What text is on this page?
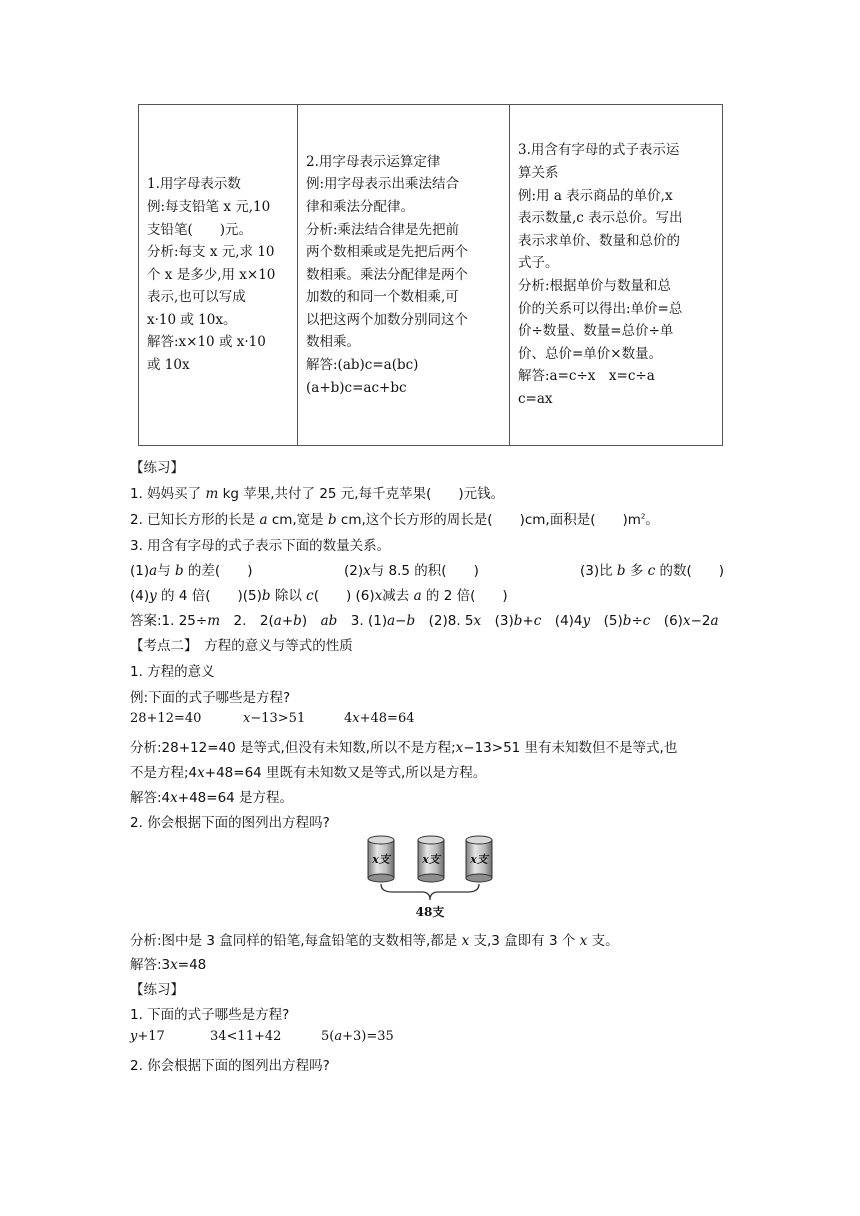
1.用字母表示数
例:每支铅笔 x 元,10
支铅笔(　　)元。
分析:每支 x 元,求 10
个 x 是多少,用 x×10
表示,也可以写成
x·10 或 10x。
解答:x×10 或 x·10
或 10x

2.用字母表示运算定律
例:用字母表示出乘法结合
律和乘法分配律。
分析:乘法结合律是先把前
两个数相乘或是先把后两个
数相乘。乘法分配律是两个
加数的和同一个数相乘,可
以把这两个加数分别同这个
数相乘。
解答:(ab)c=a(bc)
(a+b)c=ac+bc

3.用含有字母的式子表示运
算关系
例:用 a 表示商品的单价,x
表示数量,c 表示总价。写出
表示求单价、数量和总价的
式子。
分析:根据单价与数量和总
价的关系可以得出:单价=总
价÷数量、数量=总价÷单
价、总价=单价×数量。
解答:a=c÷x　x=c÷a
c=ax
【练习】
1. 妈妈买了 m kg 苹果,共付了 25 元,每千克苹果(　　)元钱。
2. 已知长方形的长是 a cm,宽是 b cm,这个长方形的周长是(　　)cm,面积是(　　)$m^2$。
3. 用含有字母的式子表示下面的数量关系。
(1)a与 b 的差(　　)	(2)x与 8.5 的积(　　)	(3)比 b 多 c 的数(　　)
(4)y 的 4 倍(　　)(5)b 除以 c(　　) (6)x减去 a 的 2 倍(　　)
答案:1. 25÷m　2.　2(a+b)　ab　3. (1)a−b　(2)8. 5x　(3)b+c　(4)4y　(5)b÷c　(6)x−2a
【考点二】　方程的意义与等式的性质
1. 方程的意义
例:下面的式子哪些是方程?
28+12=40	x−13>51	4x+48=64
分析:28+12=40 是等式,但没有未知数,所以不是方程;x−13>51 里有未知数但不是等式,也
不是方程;4x+48=64 里既有未知数又是等式,所以是方程。
解答:4x+48=64 是方程。
2. 你会根据下面的图列出方程吗?
x支	x支	x支
48支
分析:图中是 3 盒同样的铅笔,每盒铅笔的支数相等,都是 x 支,3 盒即有 3 个 x 支。
解答:3x=48
【练习】
1. 下面的式子哪些是方程?
y+17	34<11+42	5(a+3)=35
2. 你会根据下面的图列出方程吗?
